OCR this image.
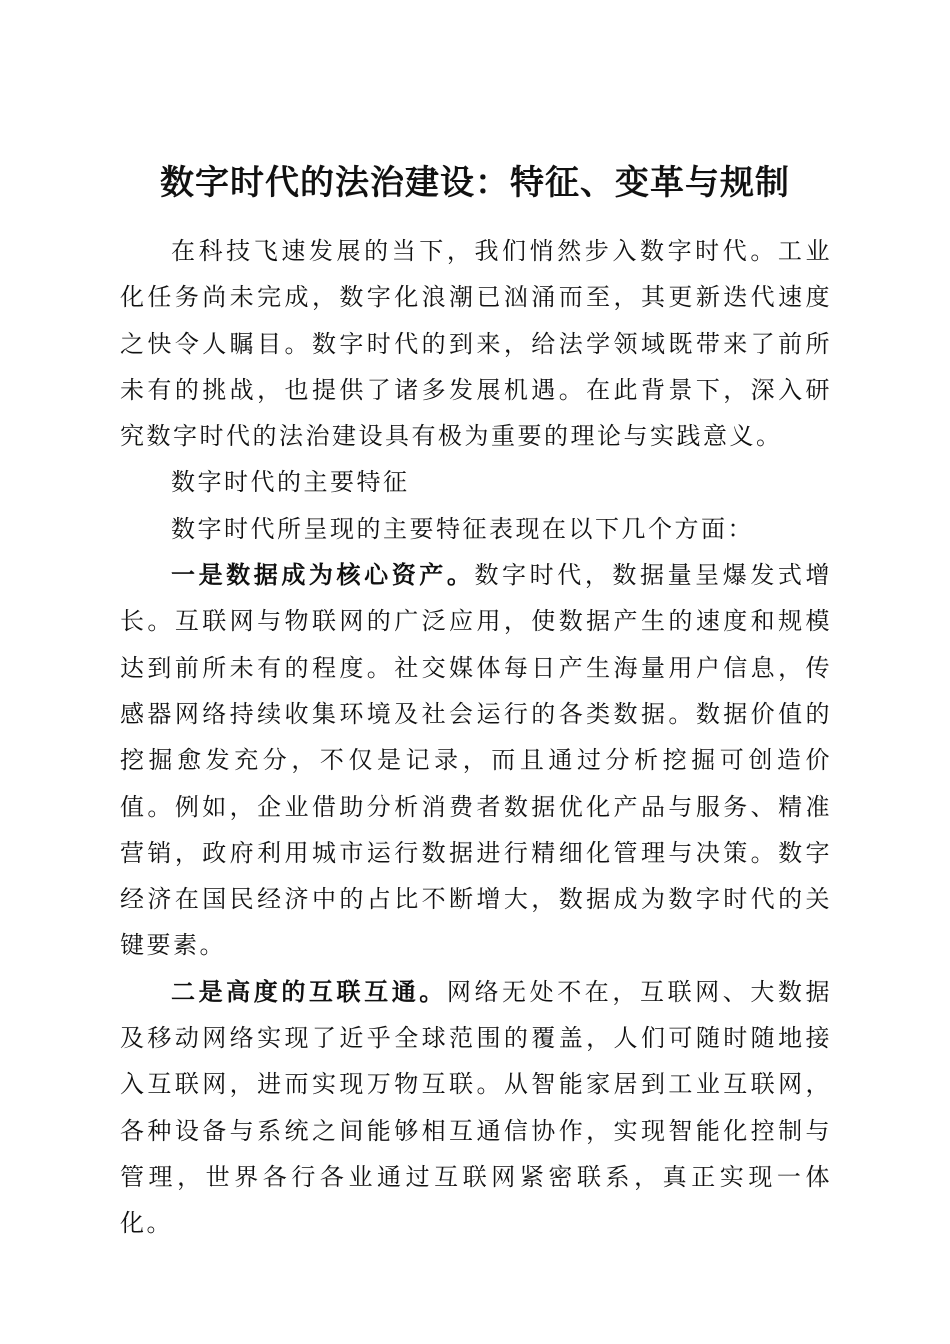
数字时代的法治建设：特征、变革与规制

在科技飞速发展的当下，我们悄然步入数字时代。工业化任务尚未完成，数字化浪潮已汹涌而至，其更新迭代速度之快令人瞩目。数字时代的到来，给法学领域既带来了前所未有的挑战，也提供了诸多发展机遇。在此背景下，深入研究数字时代的法治建设具有极为重要的理论与实践意义。

数字时代的主要特征

数字时代所呈现的主要特征表现在以下几个方面：

一是数据成为核心资产。数字时代，数据量呈爆发式增长。互联网与物联网的广泛应用，使数据产生的速度和规模达到前所未有的程度。社交媒体每日产生海量用户信息，传感器网络持续收集环境及社会运行的各类数据。数据价值的挖掘愈发充分，不仅是记录，而且通过分析挖掘可创造价值。例如，企业借助分析消费者数据优化产品与服务、精准营销，政府利用城市运行数据进行精细化管理与决策。数字经济在国民经济中的占比不断增大，数据成为数字时代的关键要素。

二是高度的互联互通。网络无处不在，互联网、大数据及移动网络实现了近乎全球范围的覆盖，人们可随时随地接入互联网，进而实现万物互联。从智能家居到工业互联网，各种设备与系统之间能够相互通信协作，实现智能化控制与管理，世界各行各业通过互联网紧密联系，真正实现一体化。
